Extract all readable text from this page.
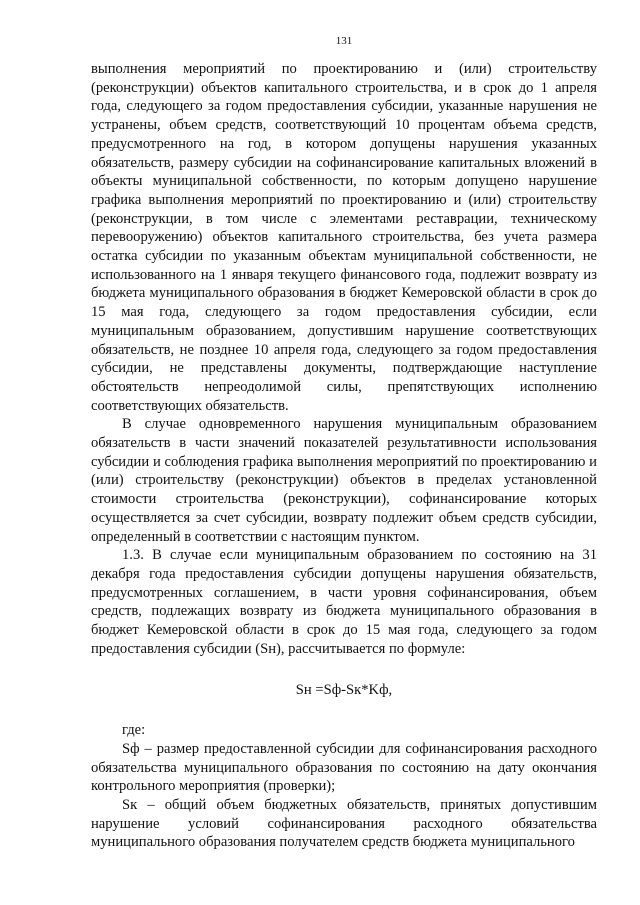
131

выполнения мероприятий по проектированию и (или) строительству (реконструкции) объектов капитального строительства, и в срок до 1 апреля года, следующего за годом предоставления субсидии, указанные нарушения не устранены, объем средств, соответствующий 10 процентам объема средств, предусмотренного на год, в котором допущены нарушения указанных обязательств, размеру субсидии на софинансирование капитальных вложений в объекты муниципальной собственности, по которым допущено нарушение графика выполнения мероприятий по проектированию и (или) строительству (реконструкции, в том числе с элементами реставрации, техническому перевооружению) объектов капитального строительства, без учета размера остатка субсидии по указанным объектам муниципальной собственности, не использованного на 1 января текущего финансового года, подлежит возврату из бюджета муниципального образования в бюджет Кемеровской области в срок до 15 мая года, следующего за годом предоставления субсидии, если муниципальным образованием, допустившим нарушение соответствующих обязательств, не позднее 10 апреля года, следующего за годом предоставления субсидии, не представлены документы, подтверждающие наступление обстоятельств непреодолимой силы, препятствующих исполнению соответствующих обязательств.

В случае одновременного нарушения муниципальным образованием обязательств в части значений показателей результативности использования субсидии и соблюдения графика выполнения мероприятий по проектированию и (или) строительству (реконструкции) объектов в пределах установленной стоимости строительства (реконструкции), софинансирование которых осуществляется за счет субсидии, возврату подлежит объем средств субсидии, определенный в соответствии с настоящим пунктом.

1.3. В случае если муниципальным образованием по состоянию на 31 декабря года предоставления субсидии допущены нарушения обязательств, предусмотренных соглашением, в части уровня софинансирования, объем средств, подлежащих возврату из бюджета муниципального образования в бюджет Кемеровской области в срок до 15 мая года, следующего за годом предоставления субсидии (Sн), рассчитывается по формуле:

Sн =Sф-Sк*Kф,

где:

Sф – размер предоставленной субсидии для софинансирования расходного обязательства муниципального образования по состоянию на дату окончания контрольного мероприятия (проверки);

Sк – общий объем бюджетных обязательств, принятых допустившим нарушение условий софинансирования расходного обязательства муниципального образования получателем средств бюджета муниципального
